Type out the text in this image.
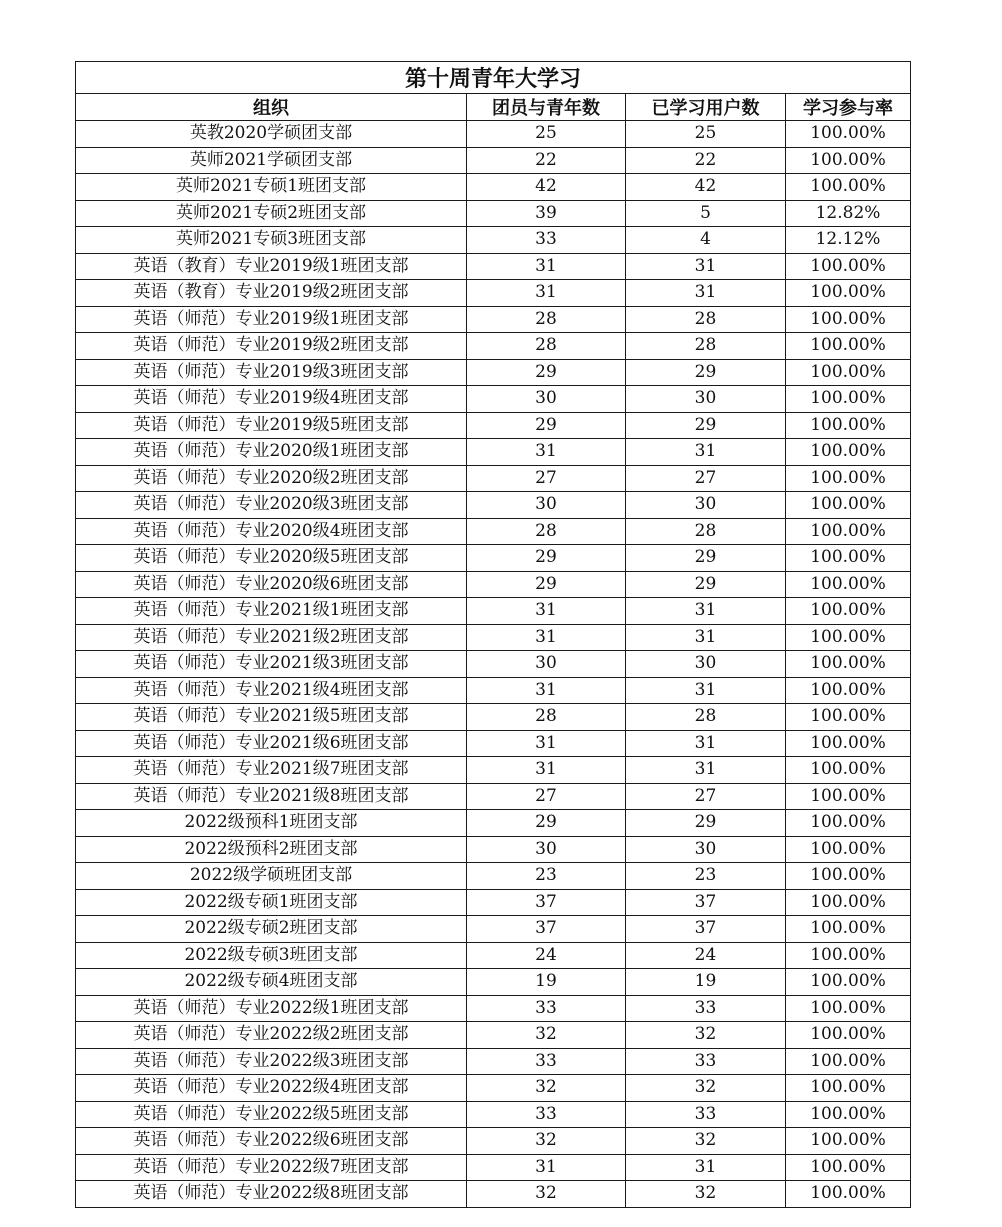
第十周青年大学习			
组织	团员与青年数	已学习用户数	学习参与率
英教2020学硕团支部	25	25	100.00%
英师2021学硕团支部	22	22	100.00%
英师2021专硕1班团支部	42	42	100.00%
英师2021专硕2班团支部	39	5	12.82%
英师2021专硕3班团支部	33	4	12.12%
英语（教育）专业2019级1班团支部	31	31	100.00%
英语（教育）专业2019级2班团支部	31	31	100.00%
英语（师范）专业2019级1班团支部	28	28	100.00%
英语（师范）专业2019级2班团支部	28	28	100.00%
英语（师范）专业2019级3班团支部	29	29	100.00%
英语（师范）专业2019级4班团支部	30	30	100.00%
英语（师范）专业2019级5班团支部	29	29	100.00%
英语（师范）专业2020级1班团支部	31	31	100.00%
英语（师范）专业2020级2班团支部	27	27	100.00%
英语（师范）专业2020级3班团支部	30	30	100.00%
英语（师范）专业2020级4班团支部	28	28	100.00%
英语（师范）专业2020级5班团支部	29	29	100.00%
英语（师范）专业2020级6班团支部	29	29	100.00%
英语（师范）专业2021级1班团支部	31	31	100.00%
英语（师范）专业2021级2班团支部	31	31	100.00%
英语（师范）专业2021级3班团支部	30	30	100.00%
英语（师范）专业2021级4班团支部	31	31	100.00%
英语（师范）专业2021级5班团支部	28	28	100.00%
英语（师范）专业2021级6班团支部	31	31	100.00%
英语（师范）专业2021级7班团支部	31	31	100.00%
英语（师范）专业2021级8班团支部	27	27	100.00%
2022级预科1班团支部	29	29	100.00%
2022级预科2班团支部	30	30	100.00%
2022级学硕班团支部	23	23	100.00%
2022级专硕1班团支部	37	37	100.00%
2022级专硕2班团支部	37	37	100.00%
2022级专硕3班团支部	24	24	100.00%
2022级专硕4班团支部	19	19	100.00%
英语（师范）专业2022级1班团支部	33	33	100.00%
英语（师范）专业2022级2班团支部	32	32	100.00%
英语（师范）专业2022级3班团支部	33	33	100.00%
英语（师范）专业2022级4班团支部	32	32	100.00%
英语（师范）专业2022级5班团支部	33	33	100.00%
英语（师范）专业2022级6班团支部	32	32	100.00%
英语（师范）专业2022级7班团支部	31	31	100.00%
英语（师范）专业2022级8班团支部	32	32	100.00%
